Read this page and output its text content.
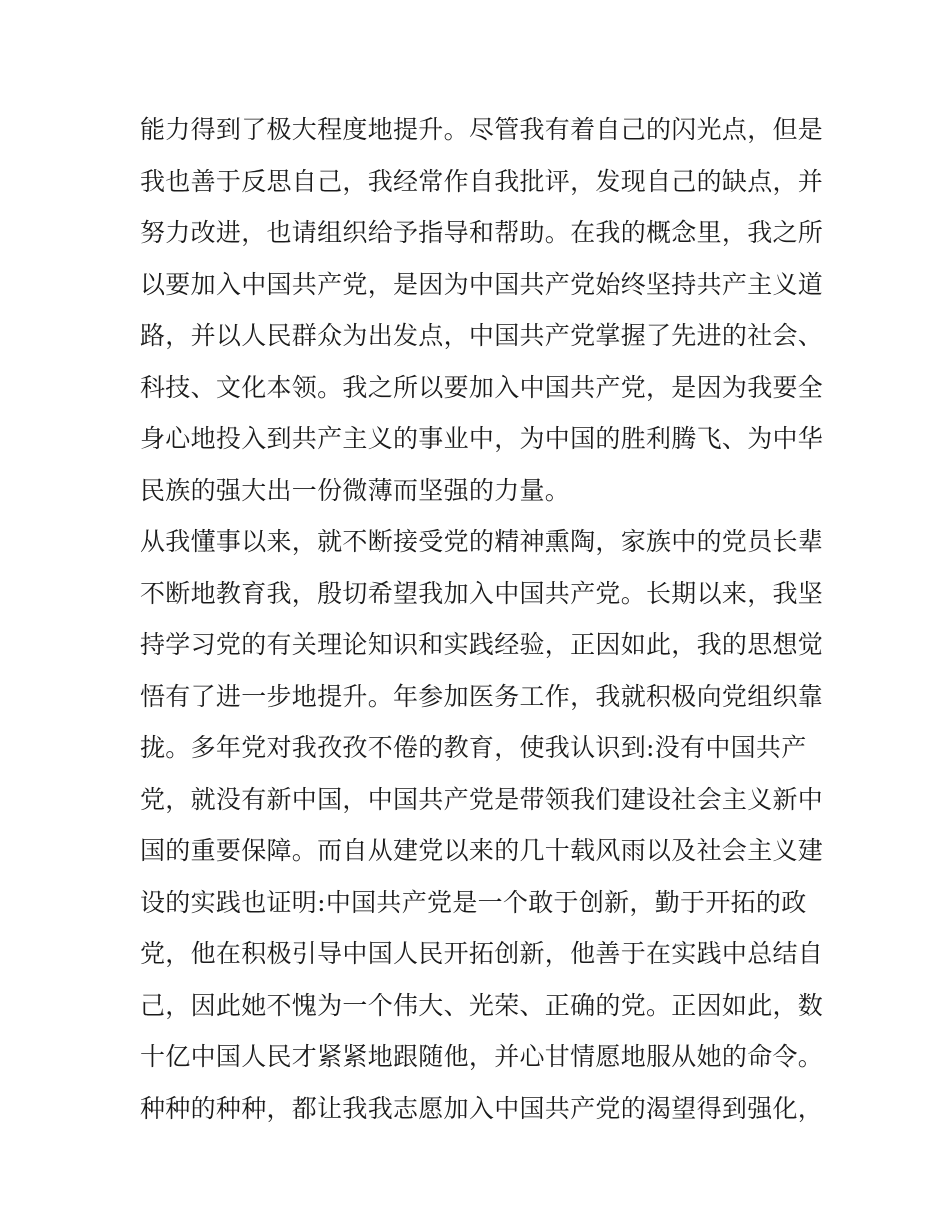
能力得到了极大程度地提升。尽管我有着自己的闪光点，但是
我也善于反思自己，我经常作自我批评，发现自己的缺点，并
努力改进，也请组织给予指导和帮助。在我的概念里，我之所
以要加入中国共产党，是因为中国共产党始终坚持共产主义道
路，并以人民群众为出发点，中国共产党掌握了先进的社会、
科技、文化本领。我之所以要加入中国共产党，是因为我要全
身心地投入到共产主义的事业中，为中国的胜利腾飞、为中华
民族的强大出一份微薄而坚强的力量。
从我懂事以来，就不断接受党的精神熏陶，家族中的党员长辈
不断地教育我，殷切希望我加入中国共产党。长期以来，我坚
持学习党的有关理论知识和实践经验，正因如此，我的思想觉
悟有了进一步地提升。年参加医务工作，我就积极向党组织靠
拢。多年党对我孜孜不倦的教育，使我认识到:没有中国共产
党，就没有新中国，中国共产党是带领我们建设社会主义新中
国的重要保障。而自从建党以来的几十载风雨以及社会主义建
设的实践也证明:中国共产党是一个敢于创新，勤于开拓的政
党，他在积极引导中国人民开拓创新，他善于在实践中总结自
己，因此她不愧为一个伟大、光荣、正确的党。正因如此，数
十亿中国人民才紧紧地跟随他，并心甘情愿地服从她的命令。
种种的种种，都让我我志愿加入中国共产党的渴望得到强化，
